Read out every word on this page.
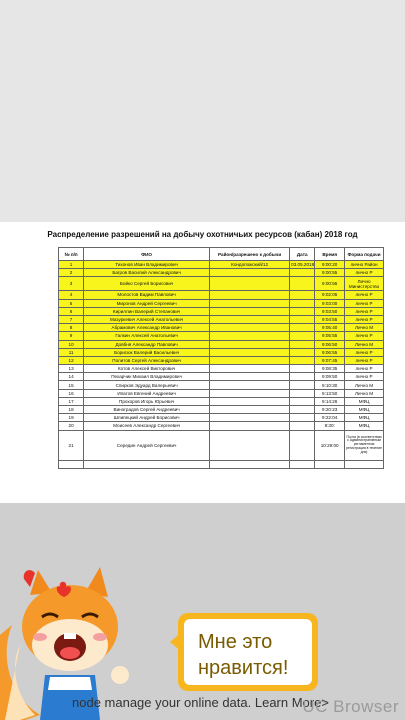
Распределение разрешений на добычу охотничьих ресурсов (кабан) 2018 год
№ п/п	ФИО	Район/разрешено к добычи	Дата	Время	Форма подачи
1	Тихонов Иван Владимирович	Кондопожский/12	03.05.2018	9:00:20	лично Район
2	Багров Василий Александрович			9:00:55	лично Р
3	Бойко Сергей Борисович			9:00:55	Лично Министерство
4	Молостов Вадим Павлович			9:02:05	лично Р
5	Миронов Андрей Сергеевич			9:03:00	лично Р
6	Кириллин Валерий Степанович			9:03:50	лично Р
7	Мазуркевич Алексей Анатольевич			9:04:55	лично Р
8	Абрамович Александр Иванович			9:05:40	Лично М
9	Галкин Алексей Анатольевич			9:05:55	лично Р
10	Довбня Александр Павлович			9:06:50	Лично М
11	Борисюк Валерий Васильевич			9:06:55	лично Р
12	Политов Сергей Александрович			9:07:45	лично Р
13	Котов Алексей Викторович			9:08:35	лично Р
14	Пехарчик Михаил Владимирович			9:09:50	лично Р
15	Спирков Эдуард Валерьевич			9:10:30	Лично М
16	Ипатов Евгений Андреевич			9:13:50	Лично М
17	Прохоров Игорь Юрьевич			9:14:26	МФЦ
18	Виноградов Сергей Андреевич			9:20:23	МФЦ
19	Шлипецкий Андрей Борисович			9:22:04	МФЦ
20	Моисеев Александр Сергеевич			9:30:	МФЦ
21	Середин Андрей Сергеевич			10:29:00	Почта (в соответствии с Административным регламентом регистрация в течение дня)

Мне это нравится!
node manage your online data. Learn More>
UC Browser
